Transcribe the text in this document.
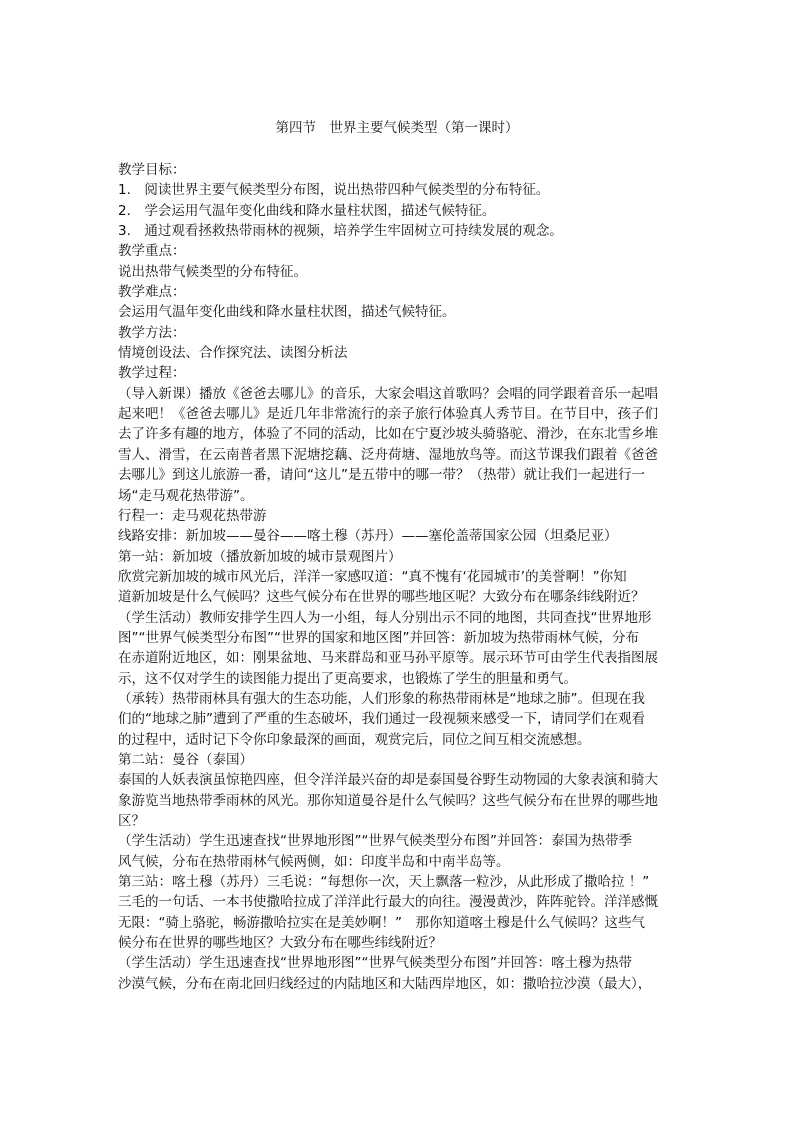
第四节　世界主要气候类型（第一课时）
教学目标：
1.　阅读世界主要气候类型分布图，说出热带四种气候类型的分布特征。
2.　学会运用气温年变化曲线和降水量柱状图，描述气候特征。
3.　通过观看拯救热带雨林的视频，培养学生牢固树立可持续发展的观念。
教学重点：
说出热带气候类型的分布特征。
教学难点：
会运用气温年变化曲线和降水量柱状图，描述气候特征。
教学方法：
情境创设法、合作探究法、读图分析法
教学过程：
（导入新课）播放《爸爸去哪儿》的音乐，大家会唱这首歌吗？会唱的同学跟着音乐一起唱
起来吧！《爸爸去哪儿》是近几年非常流行的亲子旅行体验真人秀节目。在节目中，孩子们
去了许多有趣的地方，体验了不同的活动，比如在宁夏沙坡头骑骆驼、滑沙，在东北雪乡堆
雪人、滑雪，在云南普者黑下泥塘挖藕、泛舟荷塘、湿地放鸟等。而这节课我们跟着《爸爸
去哪儿》到这儿旅游一番，请问“这儿”是五带中的哪一带？（热带）就让我们一起进行一
场“走马观花热带游”。
行程一：走马观花热带游
线路安排：新加坡——曼谷——喀土穆（苏丹）——塞伦盖蒂国家公园（坦桑尼亚）
第一站：新加坡（播放新加坡的城市景观图片）
欣赏完新加坡的城市风光后，洋洋一家感叹道：“真不愧有‘花园城市’的美誉啊！”你知
道新加坡是什么气候吗？这些气候分布在世界的哪些地区呢？大致分布在哪条纬线附近？
（学生活动）教师安排学生四人为一小组，每人分别出示不同的地图，共同查找“世界地形
图”“世界气候类型分布图”“世界的国家和地区图”并回答：新加坡为热带雨林气候，分布
在赤道附近地区，如：刚果盆地、马来群岛和亚马孙平原等。展示环节可由学生代表指图展
示，这不仅对学生的读图能力提出了更高要求，也锻炼了学生的胆量和勇气。
（承转）热带雨林具有强大的生态功能，人们形象的称热带雨林是“地球之肺”。但现在我
们的“地球之肺”遭到了严重的生态破坏，我们通过一段视频来感受一下，请同学们在观看
的过程中，适时记下令你印象最深的画面，观赏完后，同位之间互相交流感想。
第二站：曼谷（泰国）
泰国的人妖表演虽惊艳四座，但令洋洋最兴奋的却是泰国曼谷野生动物园的大象表演和骑大
象游览当地热带季雨林的风光。那你知道曼谷是什么气候吗？这些气候分布在世界的哪些地
区？
（学生活动）学生迅速查找“世界地形图”“世界气候类型分布图”并回答：泰国为热带季
风气候，分布在热带雨林气候两侧，如：印度半岛和中南半岛等。
第三站：喀土穆（苏丹）三毛说：“每想你一次，天上飘落一粒沙，从此形成了撒哈拉 ！”
三毛的一句话、一本书使撒哈拉成了洋洋此行最大的向往。漫漫黄沙，阵阵驼铃。洋洋感慨
无限：“骑上骆驼，畅游撒哈拉实在是美妙啊！”　那你知道喀土穆是什么气候吗？这些气
候分布在世界的哪些地区？大致分布在哪些纬线附近？
（学生活动）学生迅速查找“世界地形图”“世界气候类型分布图”并回答：喀土穆为热带
沙漠气候，分布在南北回归线经过的内陆地区和大陆西岸地区，如：撒哈拉沙漠（最大），
